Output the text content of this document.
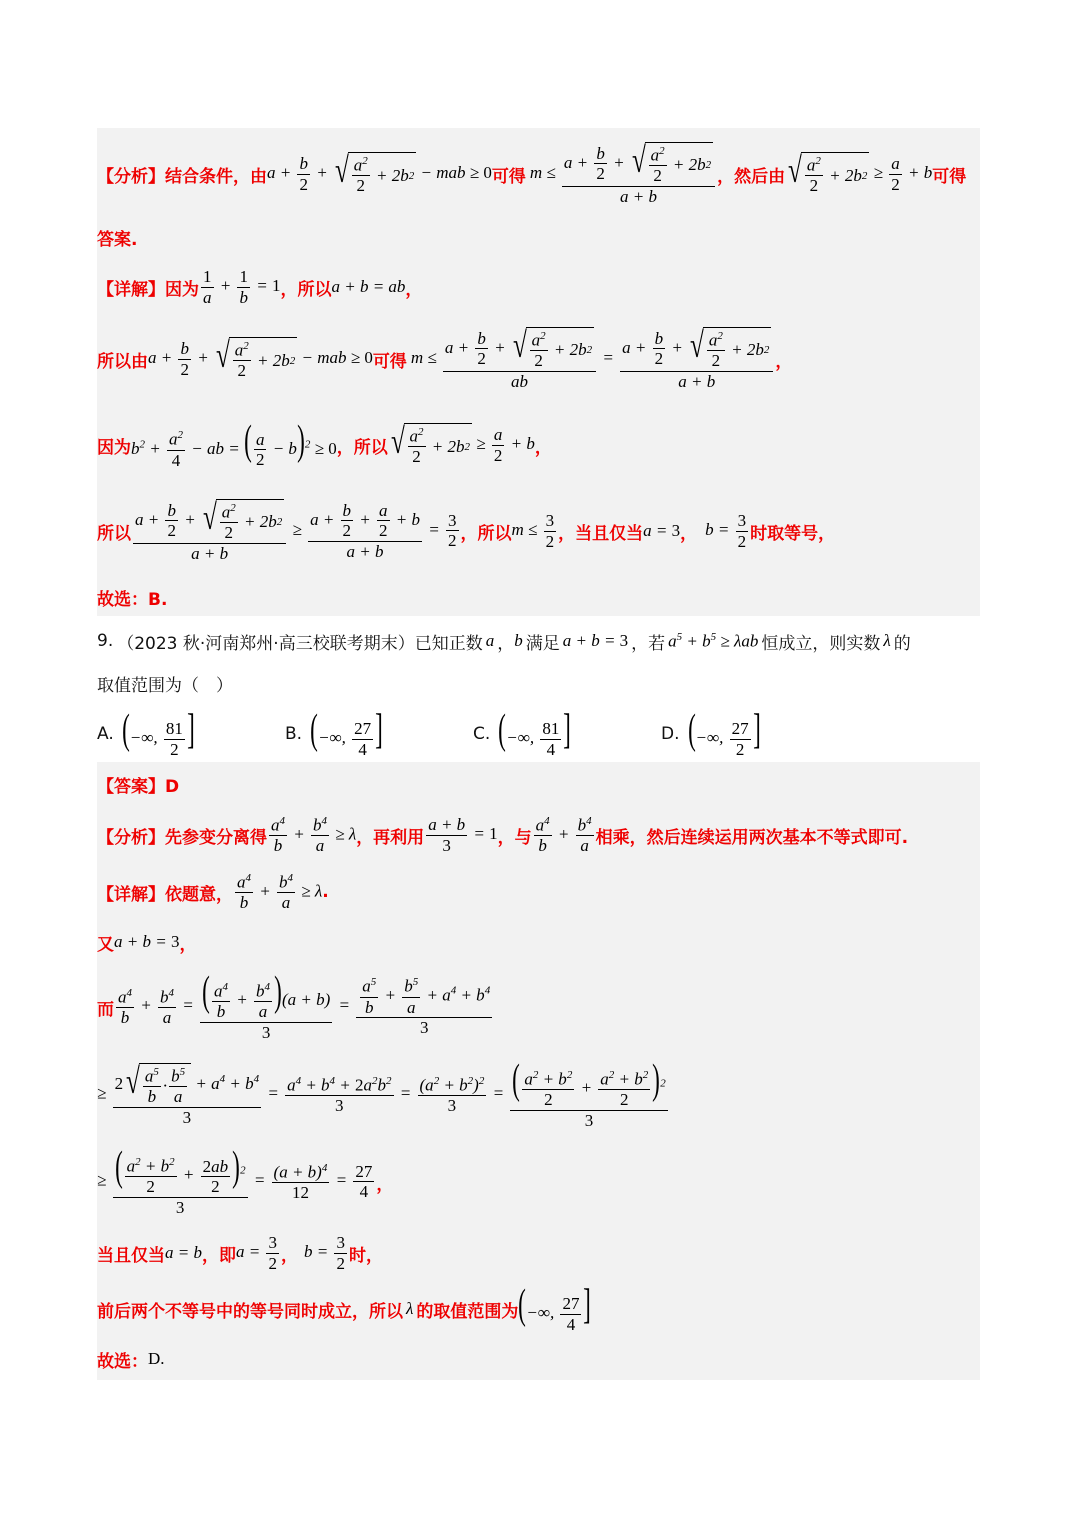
【分析】结合条件，由 $a + \frac{b}{2}$ + √ $\frac{a^2}{2} + 2b$ 2 − mab ≥ 0 可得 $m \le \frac{a + \frac{b}{2} + √ \frac{a^2}{2} + 2b 2}{a + b}$ ，然后由 √ $\frac{a^2}{2} + 2b$ $2 \ge \frac{a}{2} + b$ 可得
答案.
【详解】因为 $\frac{1}{a} + \frac{1}{b} = 1$ ，所以 a + b = ab ，
所以由 $a + \frac{b}{2}$ + √ $\frac{a^2}{2} + 2b$ 2 − mab ≥ 0 可得 $m \le \frac{a + \frac{b}{2} + √ \frac{a^2}{2} + 2b 2}{ab} = \frac{a + \frac{b}{2} + √ \frac{a^2}{2} + 2b 2}{a + b}$ ，
因为 $b^2 + \frac{a^2}{4}$ − ab = ( $\frac{a}{2} - b)^2 \ge 0$ ，所以 √ $\frac{a^2}{2} + 2b$ $2 \ge \frac{a}{2} + b$ ，
所以 $\frac{a + \frac{b}{2} + √ \frac{a^2}{2} + 2b 2}{a + b} \ge \frac{a + \frac{b}{2} + \frac{a}{2} + b}{a + b} = \frac{3}{2}$ ，所以 $m \le \frac{3}{2}$ ，当且仅当 a = 3 ， $b = \frac{3}{2}$ 时取等号，
故选：B.
9. （2023 秋·河南郑州·高三校联考期末）已知正数 a ， b 满足 a + b = 3 ，若 $a^5 + b^5 \ge \lambda ab$ 恒成立，则实数 λ 的
取值范围为（　）
A. (−∞, $\frac{81}{2}$ ]	B. (−∞, $\frac{27}{4}$ ]	C. (−∞, $\frac{81}{4}$ ]	D. (−∞, $\frac{27}{2}$ ]
【答案】D
【分析】先参变分离得 $\frac{a^4}{b} + \frac{b^4}{a} \ge \lambda$ ，再利用 $\frac{a + b}{3} = 1$ ，与 $\frac{a^4}{b} + \frac{b^4}{a}$ 相乘，然后连续运用两次基本不等式即可.
【详解】依题意， $\frac{a^4}{b} + \frac{b^4}{a} \ge \lambda$ .
又 a + b = 3 ，
而 $\frac{a^4}{b} + \frac{b^4}{a} = \frac{( \frac{a^4}{b} + \frac{b^4}{a} )(a + b)}{3} = \frac{\frac{a^5}{b} + \frac{b^5}{a} + a^4 + b^4}{3}$
≥ $\frac{2 √ \frac{a^5}{b} \cdot \frac{b^5}{a} + a^4 + b^4}{3} = \frac{a^4 + b^4 + 2a^2b^2}{3} = \frac{(a^2 + b^2)^2}{3} = \frac{( \frac{a^2 + b^2}{2} + \frac{a^2 + b^2}{2} )^2}{3}$
≥ $\frac{( \frac{a^2 + b^2}{2} + \frac{2ab}{2} )^2}{3} = \frac{(a + b)^4}{12} = \frac{27}{4}$ ，
当且仅当 a = b ，即 $a = \frac{3}{2}$ ， $b = \frac{3}{2}$ 时，
前后两个不等号中的等号同时成立，所以 λ 的取值范围为 (−∞, $\frac{27}{4}$ ]
故选： D.
